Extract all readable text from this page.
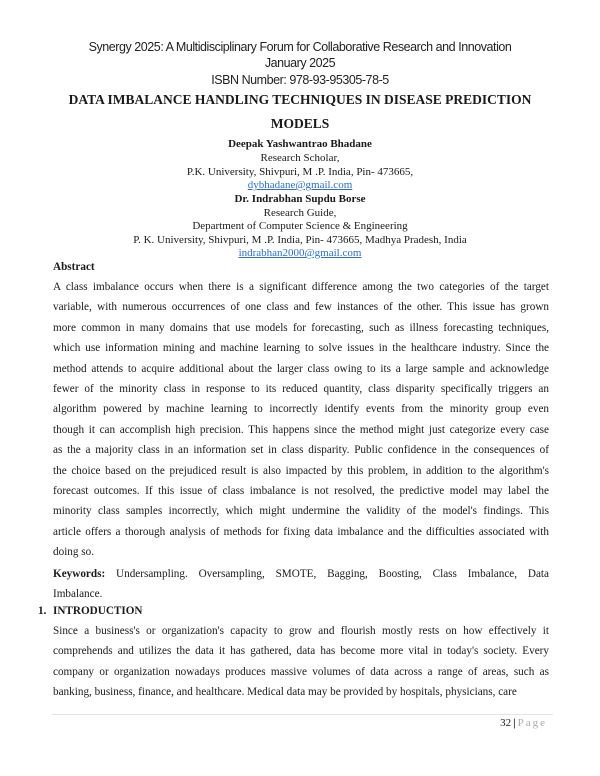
Synergy 2025: A Multidisciplinary Forum for Collaborative Research and Innovation
January 2025
ISBN Number: 978-93-95305-78-5
DATA IMBALANCE HANDLING TECHNIQUES IN DISEASE PREDICTION
MODELS
Deepak Yashwantrao Bhadane
Research Scholar,
P.K. University, Shivpuri, M .P. India, Pin- 473665,
dybhadane@gmail.com
Dr. Indrabhan Supdu Borse
Research Guide,
Department of Computer Science & Engineering
P. K. University, Shivpuri, M .P. India, Pin- 473665, Madhya Pradesh, India
indrabhan2000@gmail.com
Abstract
A class imbalance occurs when there is a significant difference among the two categories of the target
variable, with numerous occurrences of one class and few instances of the other. This issue has grown
more common in many domains that use models for forecasting, such as illness forecasting techniques,
which use information mining and machine learning to solve issues in the healthcare industry. Since the
method attends to acquire additional about the larger class owing to its a large sample and acknowledge
fewer of the minority class in response to its reduced quantity, class disparity specifically triggers an
algorithm powered by machine learning to incorrectly identify events from the minority group even
though it can accomplish high precision. This happens since the method might just categorize every case
as the a majority class in an information set in class disparity. Public confidence in the consequences of
the choice based on the prejudiced result is also impacted by this problem, in addition to the algorithm's
forecast outcomes. If this issue of class imbalance is not resolved, the predictive model may label the
minority class samples incorrectly, which might undermine the validity of the model's findings. This
article offers a thorough analysis of methods for fixing data imbalance and the difficulties associated with
doing so.
Keywords: Undersampling. Oversampling, SMOTE, Bagging, Boosting, Class Imbalance, Data
Imbalance.
1. INTRODUCTION
Since a business's or organization's capacity to grow and flourish mostly rests on how effectively it
comprehends and utilizes the data it has gathered, data has become more vital in today's society. Every
company or organization nowadays produces massive volumes of data across a range of areas, such as
banking, business, finance, and healthcare. Medical data may be provided by hospitals, physicians, care
32 | Page
